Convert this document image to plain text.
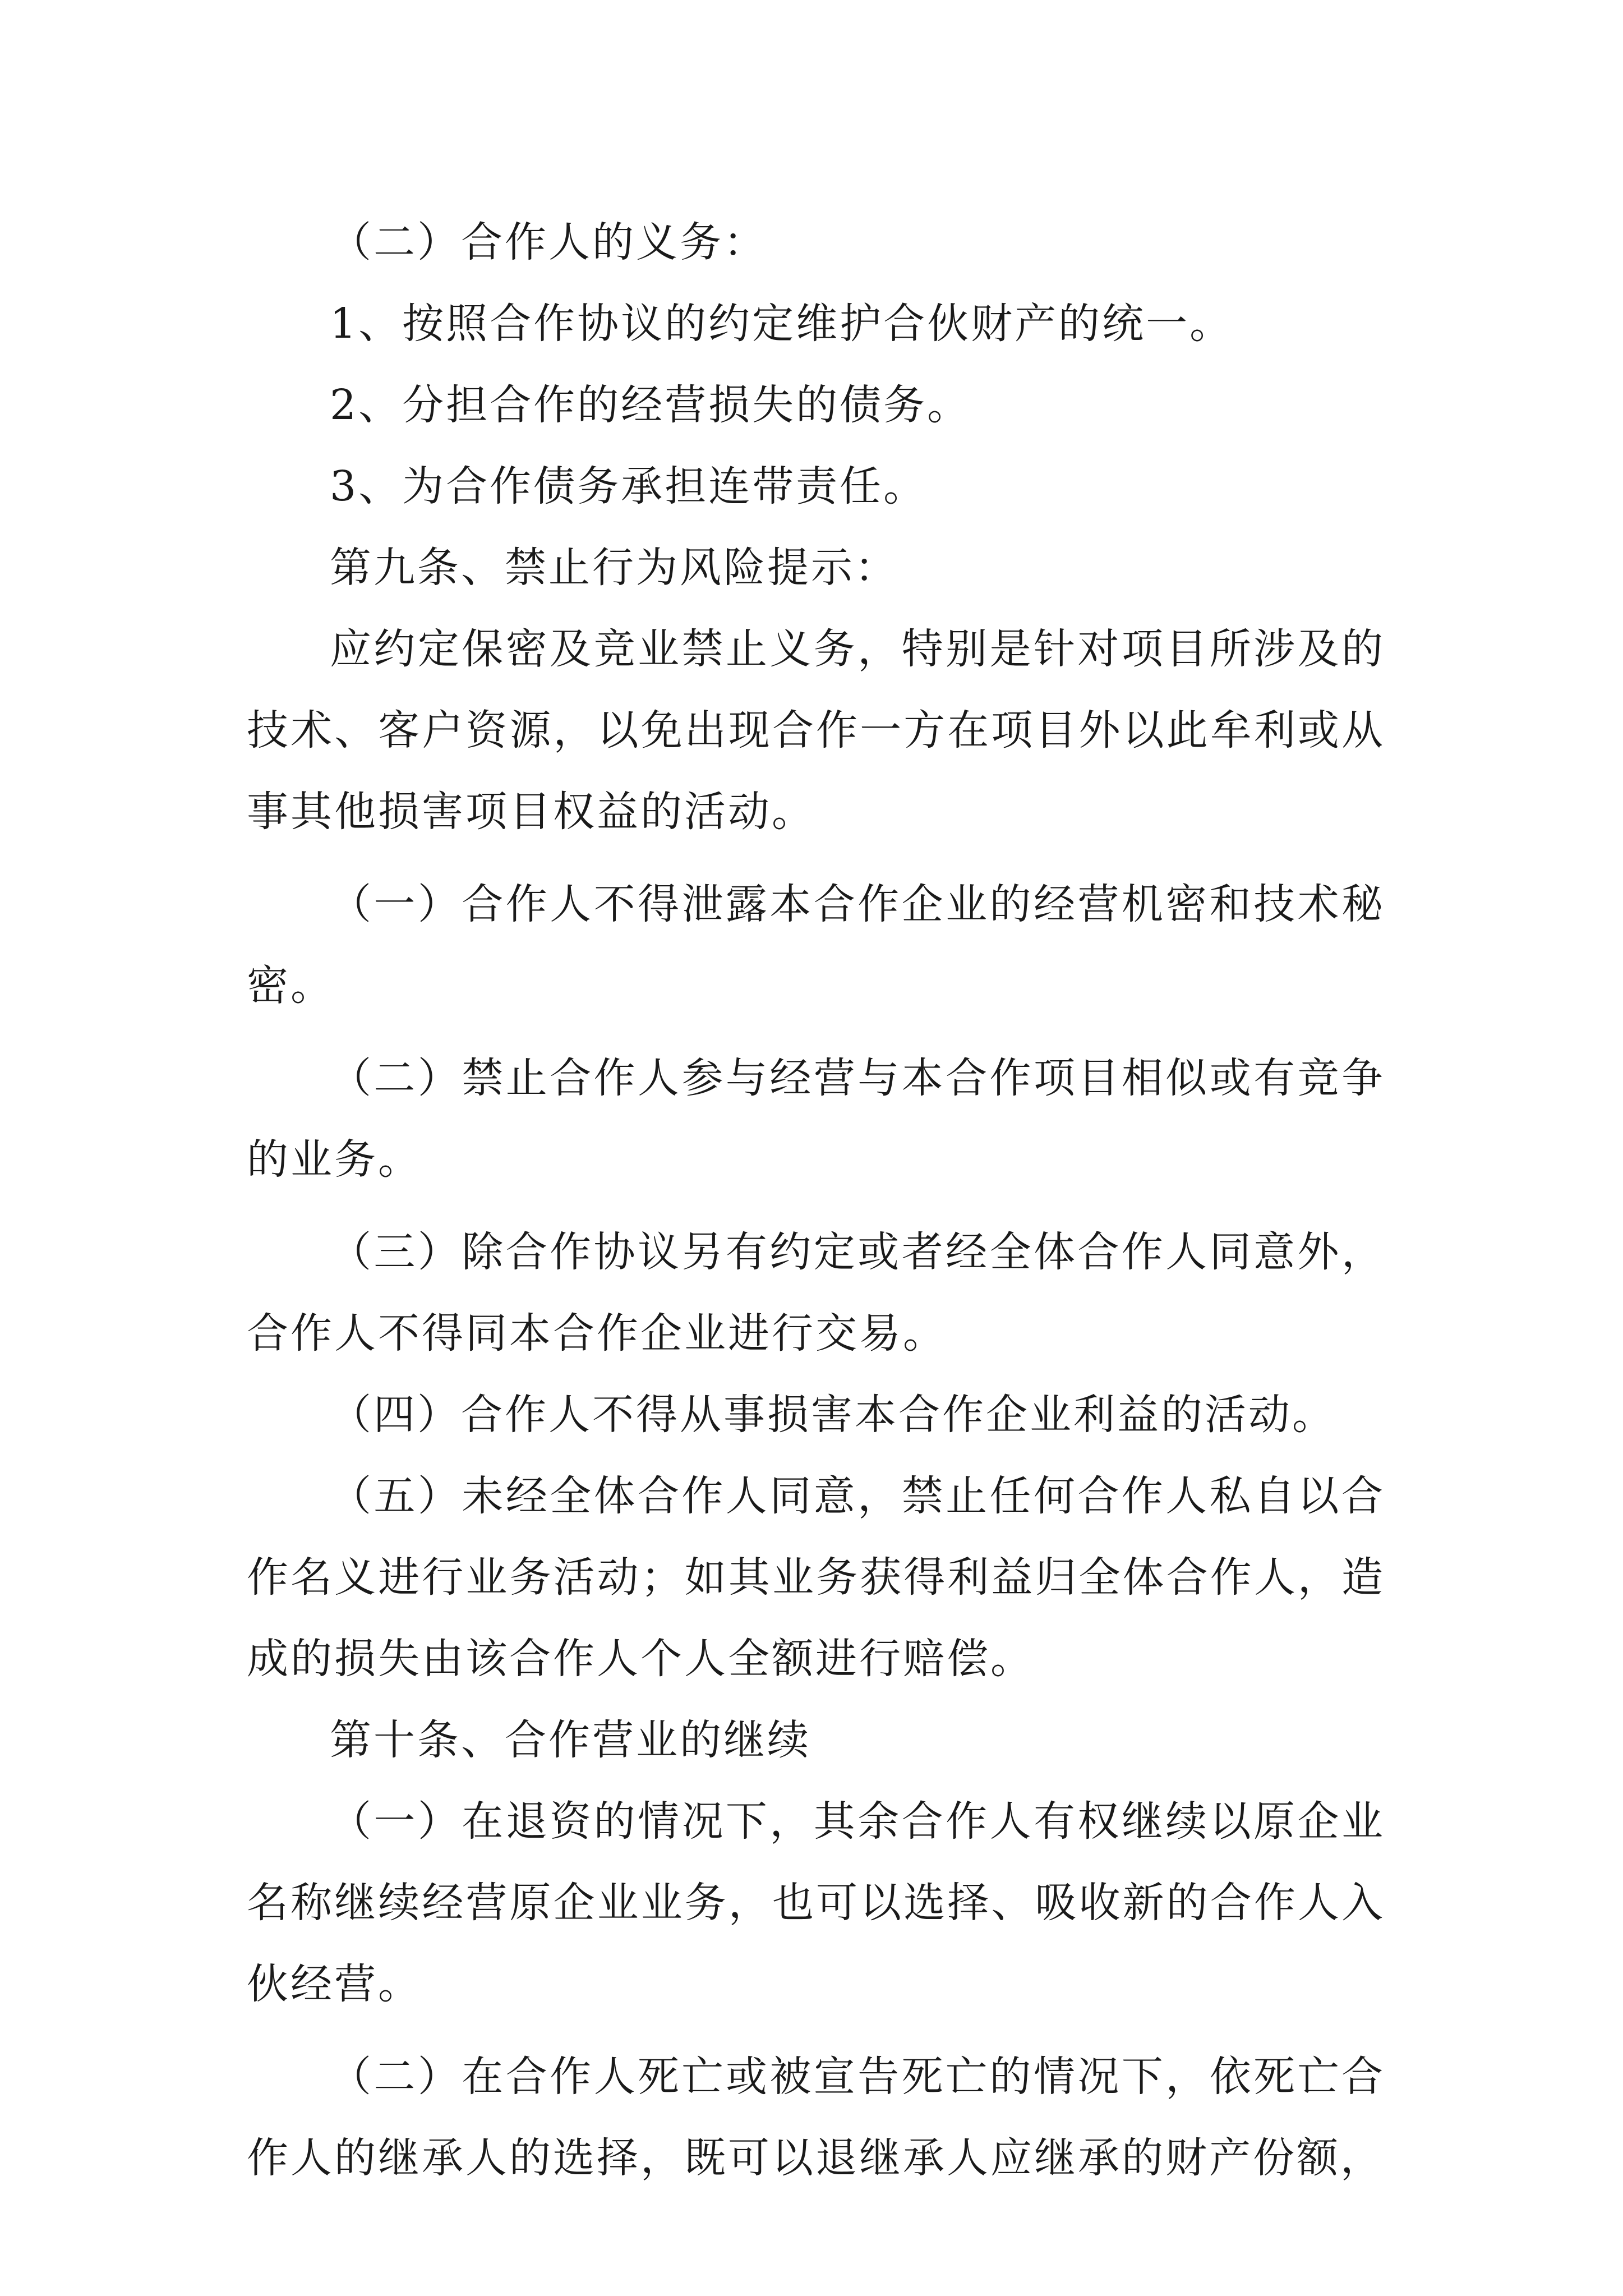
（二）合作人的义务：

1、按照合作协议的约定维护合伙财产的统一。

2、分担合作的经营损失的债务。

3、为合作债务承担连带责任。

第九条、禁止行为风险提示：

应约定保密及竞业禁止义务，特别是针对项目所涉及的技术、客户资源，以免出现合作一方在项目外以此牟利或从事其他损害项目权益的活动。

（一）合作人不得泄露本合作企业的经营机密和技术秘密。

（二）禁止合作人参与经营与本合作项目相似或有竞争的业务。

（三）除合作协议另有约定或者经全体合作人同意外，合作人不得同本合作企业进行交易。

（四）合作人不得从事损害本合作企业利益的活动。

（五）未经全体合作人同意，禁止任何合作人私自以合作名义进行业务活动；如其业务获得利益归全体合作人，造成的损失由该合作人个人全额进行赔偿。

第十条、合作营业的继续

（一）在退资的情况下，其余合作人有权继续以原企业名称继续经营原企业业务，也可以选择、吸收新的合作人入伙经营。

（二）在合作人死亡或被宣告死亡的情况下，依死亡合作人的继承人的选择，既可以退继承人应继承的财产份额，
